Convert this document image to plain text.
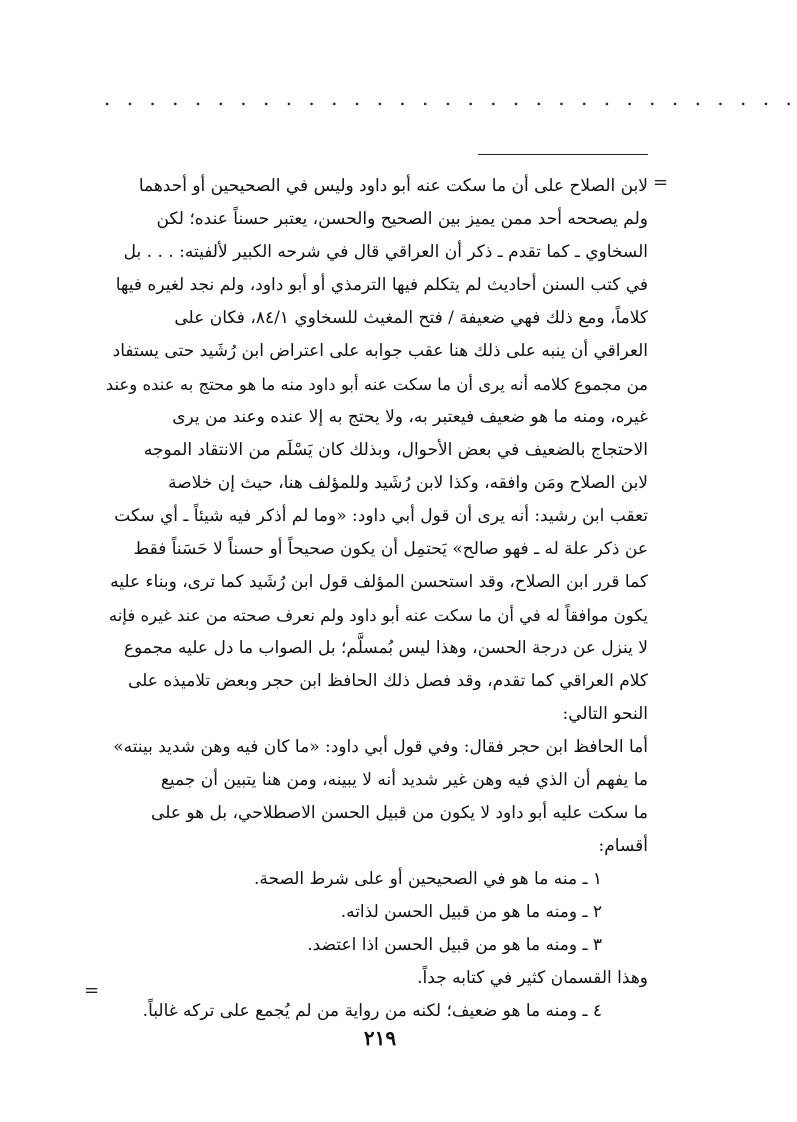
. . . . . . . . . . . . . . . . . . . . . . . . . . . . . . .
=
لابن الصلاح على أن ما سكت عنه أبو داود وليس في الصحيحين أو أحدهما
ولم يصححه أحد ممن يميز بين الصحيح والحسن، يعتبر حسناً عنده؛ لكن
السخاوي ـ كما تقدم ـ ذكر أن العراقي قال في شرحه الكبير لألفيته: . . . بل
في كتب السنن أحاديث لم يتكلم فيها الترمذي أو أبو داود، ولم نجد لغيره فيها
كلاماً، ومع ذلك فهي ضعيفة / فتح المغيث للسخاوي ٨٤/١، فكان على
العراقي أن ينبه على ذلك هنا عقب جوابه على اعتراض ابن رُشَيد حتى يستفاد
من مجموع كلامه أنه يرى أن ما سكت عنه أبو داود منه ما هو محتج به عنده وعند
غيره، ومنه ما هو ضعيف فيعتبر به، ولا يحتج به إلا عنده وعند من يرى
الاحتجاج بالضعيف في بعض الأحوال، وبذلك كان يَسْلَم من الانتقاد الموجه
لابن الصلاح ومَن وافقه، وكذا لابن رُشَيد وللمؤلف هنا، حيث إن خلاصة
تعقب ابن رشيد: أنه يرى أن قول أبي داود: «وما لم أذكر فيه شيئاً ـ أي سكت
عن ذكر علة له ـ فهو صالح» يَحتمِل أن يكون صحيحاً أو حسناً لا حَسَناً فقط
كما قرر ابن الصلاح، وقد استحسن المؤلف قول ابن رُشَيد كما ترى، وبناء عليه
يكون موافقاً له في أن ما سكت عنه أبو داود ولم نعرف صحته من عند غيره فإنه
لا ينزل عن درجة الحسن، وهذا ليس بُمسلَّم؛ بل الصواب ما دل عليه مجموع
كلام العراقي كما تقدم، وقد فصل ذلك الحافظ ابن حجر وبعض تلاميذه على
النحو التالي:
أما الحافظ ابن حجر فقال: وفي قول أبي داود: «ما كان فيه وهن شديد بينته»
ما يفهم أن الذي فيه وهن غير شديد أنه لا يبينه، ومن هنا يتبين أن جميع
ما سكت عليه أبو داود لا يكون من قبيل الحسن الاصطلاحي، بل هو على
أقسام:
١ ـ منه ما هو في الصحيحين أو على شرط الصحة.
٢ ـ ومنه ما هو من قبيل الحسن لذاته.
٣ ـ ومنه ما هو من قبيل الحسن اذا اعتضد.
وهذا القسمان كثير في كتابه جداً.
٤ ـ ومنه ما هو ضعيف؛ لكنه من رواية من لم يُجمع على تركه غالباً.
=
٢١٩
